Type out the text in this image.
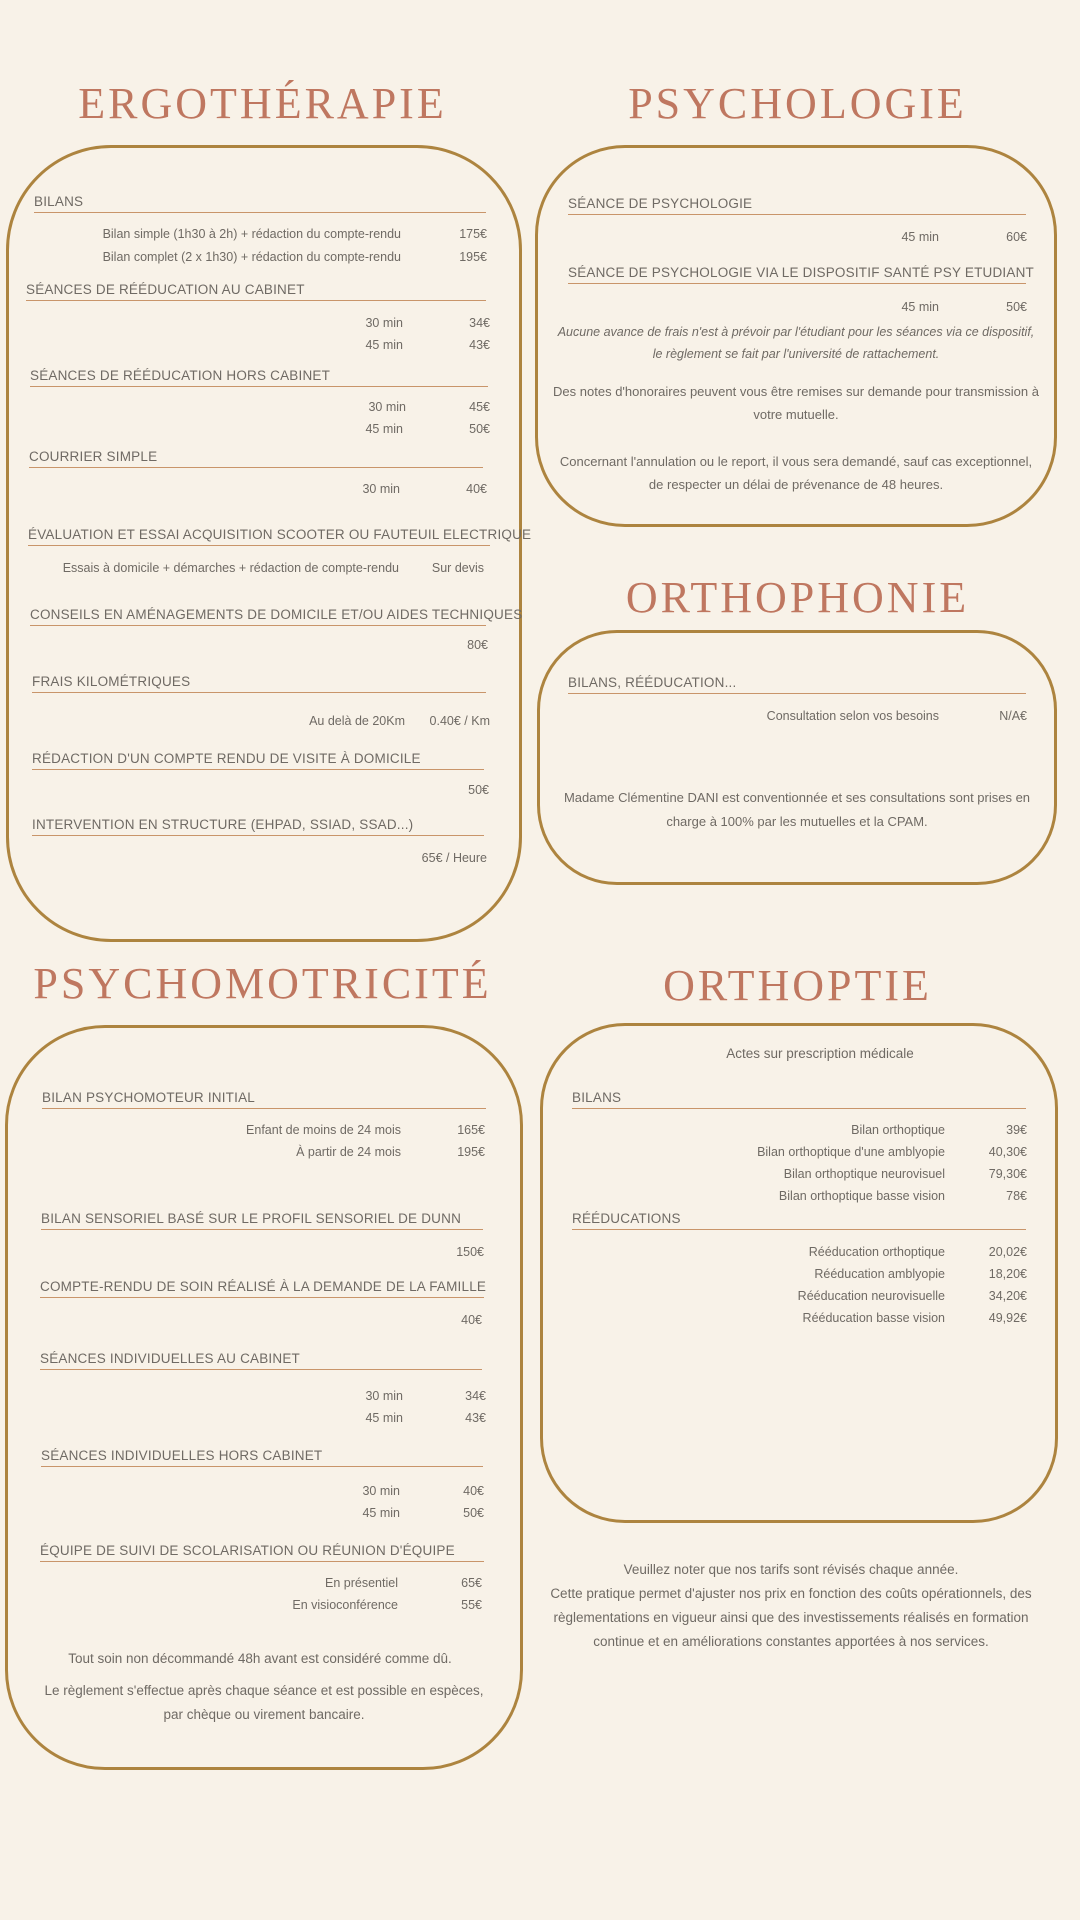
ERGOTHÉRAPIE
BILANS
Bilan simple (1h30 à 2h) + rédaction du compte-rendu	175€
Bilan complet (2 x 1h30) + rédaction du compte-rendu	195€
SÉANCES DE RÉÉDUCATION AU CABINET
30 min	34€
45 min	43€
SÉANCES DE RÉÉDUCATION HORS CABINET
30 min	45€
45 min	50€
COURRIER SIMPLE
30 min	40€
ÉVALUATION ET ESSAI ACQUISITION SCOOTER OU FAUTEUIL ELECTRIQUE
Essais à domicile + démarches + rédaction de compte-rendu	Sur devis
CONSEILS EN AMÉNAGEMENTS DE DOMICILE ET/OU AIDES TECHNIQUES
80€
FRAIS KILOMÉTRIQUES
Au delà de 20Km 0.40€ / Km
RÉDACTION D'UN COMPTE RENDU DE VISITE À DOMICILE
50€
INTERVENTION EN STRUCTURE (EHPAD, SSIAD, SSAD...)
65€ / Heure
PSYCHOLOGIE
SÉANCE DE PSYCHOLOGIE
45 min	60€
SÉANCE DE PSYCHOLOGIE VIA LE DISPOSITIF SANTÉ PSY ETUDIANT
45 min	50€
Aucune avance de frais n'est à prévoir par l'étudiant pour les séances via ce dispositif, le règlement se fait par l'université de rattachement.
Des notes d'honoraires peuvent vous être remises sur demande pour transmission à votre mutuelle.
Concernant l'annulation ou le report, il vous sera demandé, sauf cas exceptionnel, de respecter un délai de prévenance de 48 heures.
ORTHOPHONIE
BILANS, RÉÉDUCATION...
Consultation selon vos besoins	N/A€
Madame Clémentine DANI est conventionnée et ses consultations sont prises en charge à 100% par les mutuelles et la CPAM.
PSYCHOMOTRICITÉ
BILAN PSYCHOMOTEUR INITIAL
Enfant de moins de 24 mois	165€
À partir de 24 mois	195€
BILAN SENSORIEL BASÉ SUR LE PROFIL SENSORIEL DE DUNN
150€
COMPTE-RENDU DE SOIN RÉALISÉ À LA DEMANDE DE LA FAMILLE
40€
SÉANCES INDIVIDUELLES AU CABINET
30 min	34€
45 min	43€
SÉANCES INDIVIDUELLES HORS CABINET
30 min	40€
45 min	50€
ÉQUIPE DE SUIVI DE SCOLARISATION OU RÉUNION D'ÉQUIPE
En présentiel	65€
En visioconférence	55€
Tout soin non décommandé 48h avant est considéré comme dû.
Le règlement s'effectue après chaque séance et est possible en espèces, par chèque ou virement bancaire.
ORTHOPTIE
Actes sur prescription médicale
BILANS
Bilan orthoptique	39€
Bilan orthoptique d'une amblyopie	40,30€
Bilan orthoptique neurovisuel	79,30€
Bilan orthoptique basse vision	78€
RÉÉDUCATIONS
Rééducation orthoptique	20,02€
Rééducation amblyopie	18,20€
Rééducation neurovisuelle	34,20€
Rééducation basse vision	49,92€
Veuillez noter que nos tarifs sont révisés chaque année.
Cette pratique permet d'ajuster nos prix en fonction des coûts opérationnels, des règlementations en vigueur ainsi que des investissements réalisés en formation continue et en améliorations constantes apportées à nos services.
